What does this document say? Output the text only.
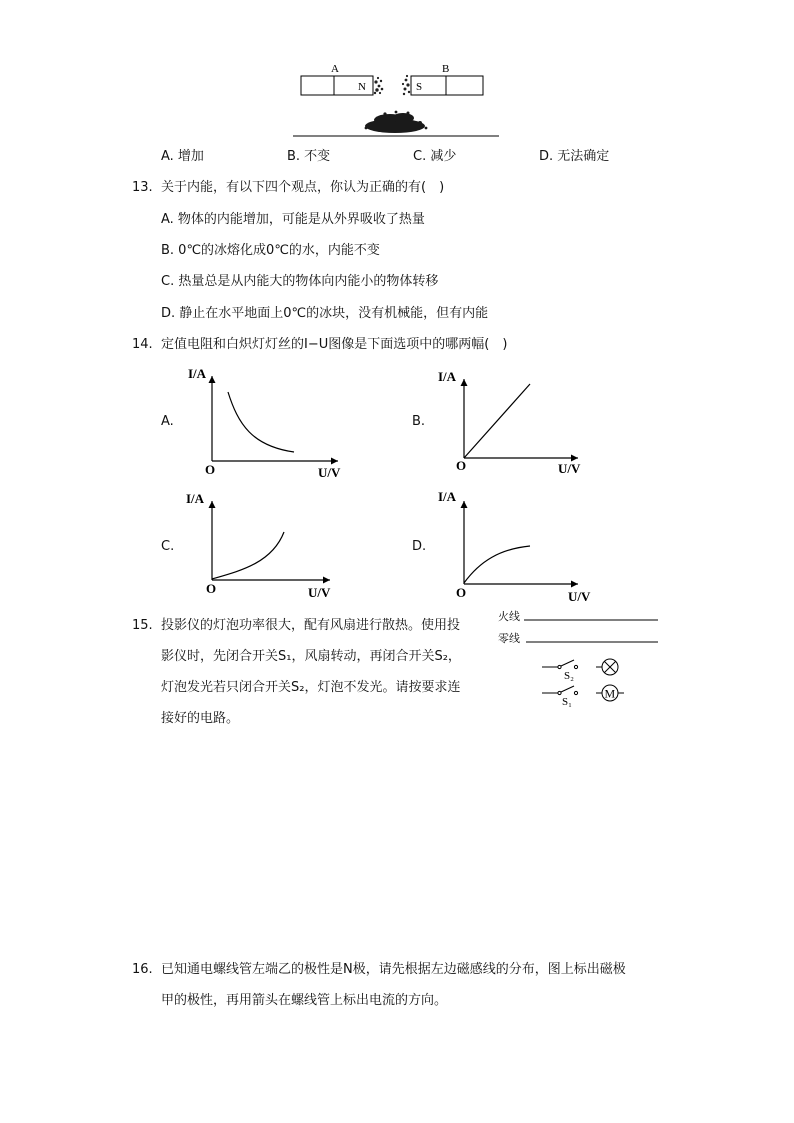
A	B
N	S
A. 增加	B. 不变	C. 减少	D. 无法确定
13. 关于内能，有以下四个观点，你认为正确的有(　)
A. 物体的内能增加，可能是从外界吸收了热量
B. 0℃的冰熔化成0℃的水，内能不变
C. 热量总是从内能大的物体向内能小的物体转移
D. 静止在水平地面上0℃的冰块，没有机械能，但有内能
14. 定值电阻和白炽灯灯丝的I−U图像是下面选项中的哪两幅(　)
A.
I/A
U/V
O
B.
I/A
U/V
O
C.
I/A
U/V
O
D.
I/A
U/V
O
15. 投影仪的灯泡功率很大，配有风扇进行散热。使用投
影仪时，先闭合开关S₁，风扇转动，再闭合开关S₂，
灯泡发光若只闭合开关S₂，灯泡不发光。请按要求连
接好的电路。
M
S₂
S₁
火线
零线
16. 已知通电螺线管左端乙的极性是N极，请先根据左边磁感线的分布，图上标出磁极
甲的极性，再用箭头在螺线管上标出电流的方向。
